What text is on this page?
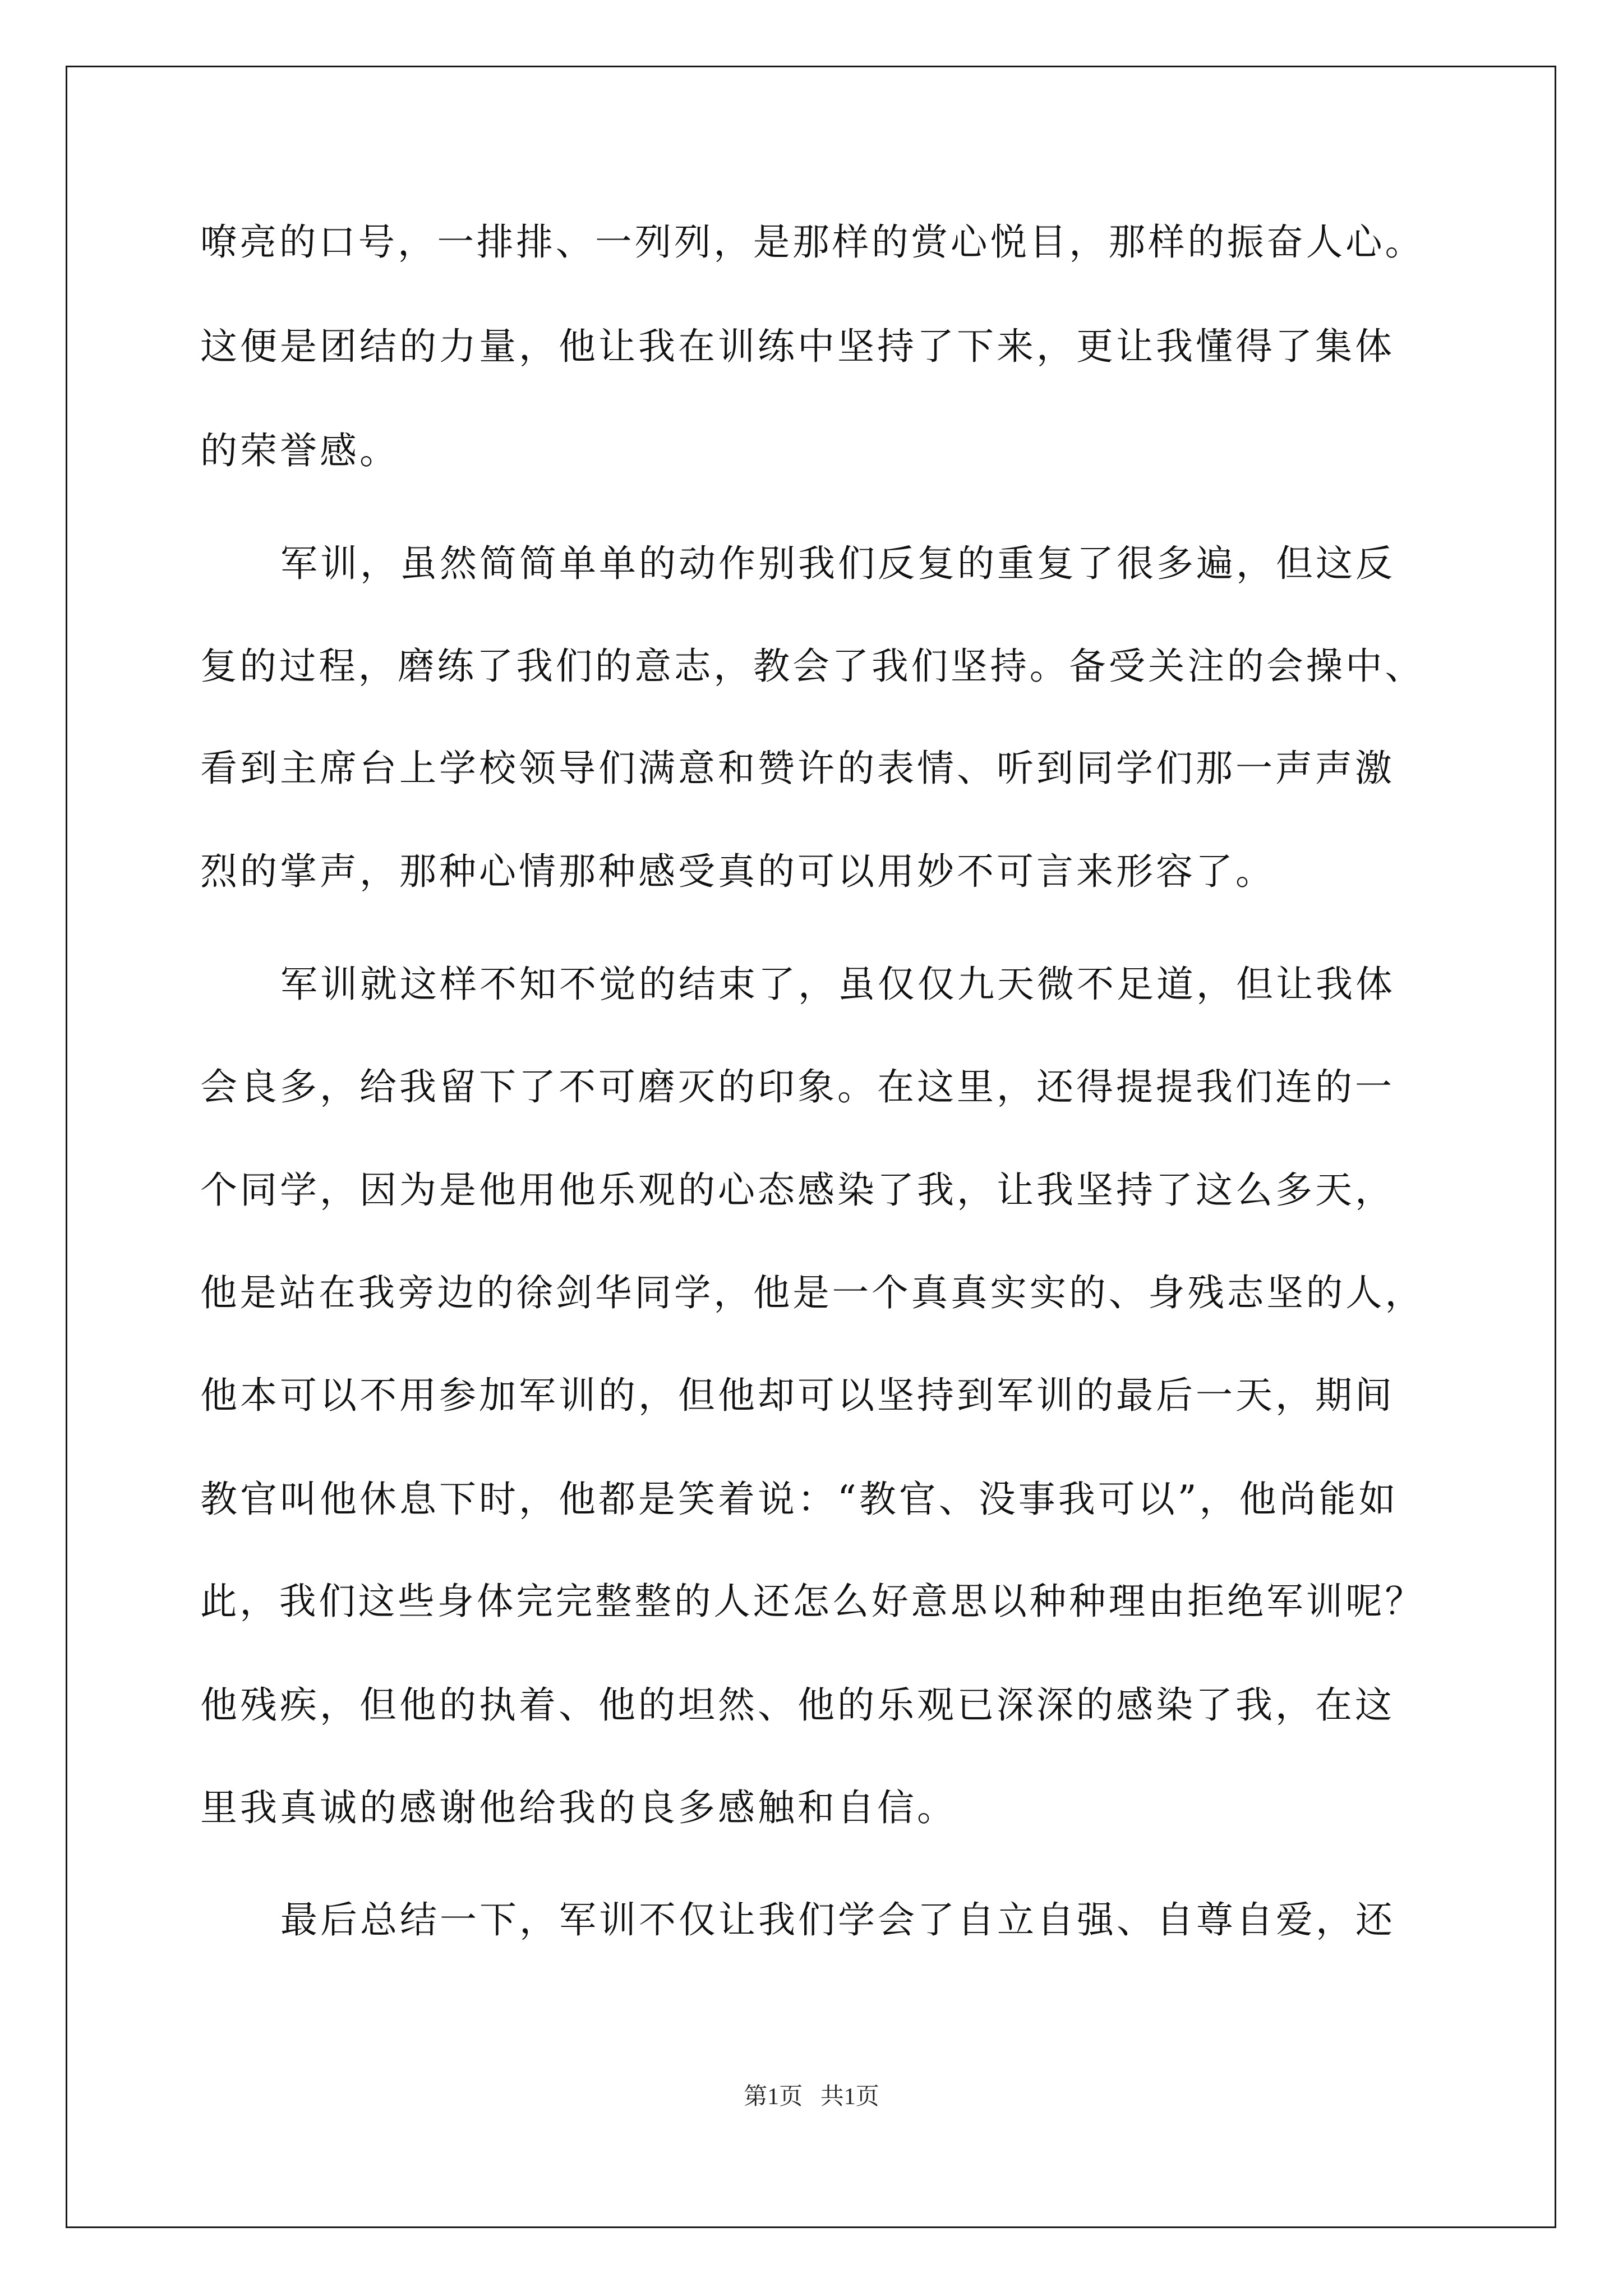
嘹亮的口号，一排排、一列列，是那样的赏心悦目，那样的振奋人心。
这便是团结的力量，他让我在训练中坚持了下来，更让我懂得了集体
的荣誉感。
军训，虽然简简单单的动作别我们反复的重复了很多遍，但这反
复的过程，磨练了我们的意志，教会了我们坚持。备受关注的会操中、
看到主席台上学校领导们满意和赞许的表情、听到同学们那一声声激
烈的掌声，那种心情那种感受真的可以用妙不可言来形容了。
军训就这样不知不觉的结束了，虽仅仅九天微不足道，但让我体
会良多，给我留下了不可磨灭的印象。在这里，还得提提我们连的一
个同学，因为是他用他乐观的心态感染了我，让我坚持了这么多天，
他是站在我旁边的徐剑华同学，他是一个真真实实的、身残志坚的人，
他本可以不用参加军训的，但他却可以坚持到军训的最后一天，期间
教官叫他休息下时，他都是笑着说：“教官、没事我可以”，他尚能如
此，我们这些身体完完整整的人还怎么好意思以种种理由拒绝军训呢？
他残疾，但他的执着、他的坦然、他的乐观已深深的感染了我，在这
里我真诚的感谢他给我的良多感触和自信。
最后总结一下，军训不仅让我们学会了自立自强、自尊自爱，还
第1页   共1页
